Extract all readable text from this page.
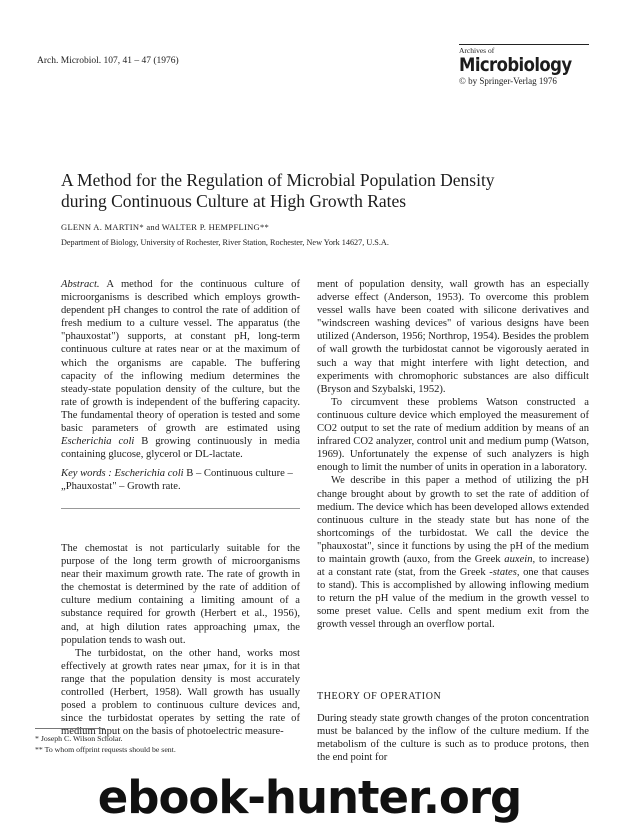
Arch. Microbiol. 107, 41 – 47 (1976)
Archives of
Microbiology
© by Springer-Verlag 1976
A Method for the Regulation of Microbial Population Density
during Continuous Culture at High Growth Rates
GLENN A. MARTIN* and WALTER P. HEMPFLING**
Department of Biology, University of Rochester, River Station, Rochester, New York 14627, U.S.A.

Abstract. A method for the continuous culture of microorganisms is described which employs growth-dependent pH changes to control the rate of addition of fresh medium to a culture vessel. The apparatus (the "phauxostat") supports, at constant pH, long-term continuous culture at rates near or at the maximum of which the organisms are capable. The buffering capacity of the inflowing medium determines the steady-state population density of the culture, but the rate of growth is independent of the buffering capacity. The fundamental theory of operation is tested and some basic parameters of growth are estimated using Escherichia coli B growing continuously in media containing glucose, glycerol or DL-lactate.

Key words : Escherichia coli B – Continuous culture – „Phauxostat" – Growth rate.

The chemostat is not particularly suitable for the purpose of the long term growth of microorganisms near their maximum growth rate. The rate of growth in the chemostat is determined by the rate of addition of culture medium containing a limiting amount of a substance required for growth (Herbert et al., 1956), and, at high dilution rates approaching μmax, the population tends to wash out.

The turbidostat, on the other hand, works most effectively at growth rates near μmax, for it is in that range that the population density is most accurately controlled (Herbert, 1958). Wall growth has usually posed a problem to continuous culture devices and, since the turbidostat operates by setting the rate of medium input on the basis of photoelectric measure-

* Joseph C. Wilson Scholar.
** To whom offprint requests should be sent.

ment of population density, wall growth has an especially adverse effect (Anderson, 1953). To overcome this problem vessel walls have been coated with silicone derivatives and "windscreen washing devices" of various designs have been utilized (Anderson, 1956; Northrop, 1954). Besides the problem of wall growth the turbidostat cannot be vigorously aerated in such a way that might interfere with light detection, and experiments with chromophoric substances are also difficult (Bryson and Szybalski, 1952).

To circumvent these problems Watson constructed a continuous culture device which employed the measurement of CO2 output to set the rate of medium addition by means of an infrared CO2 analyzer, control unit and medium pump (Watson, 1969). Unfortunately the expense of such analyzers is high enough to limit the number of units in operation in a laboratory.

We describe in this paper a method of utilizing the pH change brought about by growth to set the rate of addition of medium. The device which has been developed allows extended continuous culture in the steady state but has none of the shortcomings of the turbidostat. We call the device the "phauxostat", since it functions by using the pH of the medium to maintain growth (auxo, from the Greek auxein, to increase) at a constant rate (stat, from the Greek -states, one that causes to stand). This is accomplished by allowing inflowing medium to return the pH value of the medium in the growth vessel to some preset value. Cells and spent medium exit from the growth vessel through an overflow portal.

THEORY OF OPERATION
During steady state growth changes of the proton concentration must be balanced by the inflow of the culture medium. If the metabolism of the culture is such as to produce protons, then the end point for
ebook-hunter.org
